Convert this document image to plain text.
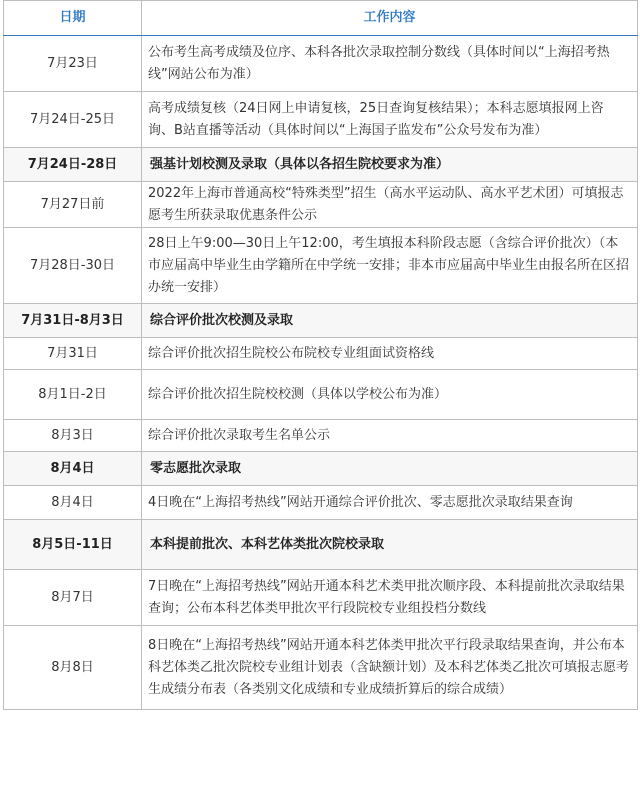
日期	工作内容
7月23日	公布考生高考成绩及位序、本科各批次录取控制分数线（具体时间以“上海招考热线”网站公布为准）
7月24日-25日	高考成绩复核（24日网上申请复核，25日查询复核结果）；本科志愿填报网上咨询、B站直播等活动（具体时间以“上海国子监发布”公众号发布为准）
7月24日-28日	强基计划校测及录取（具体以各招生院校要求为准）
7月27日前	2022年上海市普通高校“特殊类型”招生（高水平运动队、高水平艺术团）可填报志愿考生所获录取优惠条件公示
7月28日-30日	28日上午9:00—30日上午12:00，考生填报本科阶段志愿（含综合评价批次）（本市应届高中毕业生由学籍所在中学统一安排；非本市应届高中毕业生由报名所在区招办统一安排）
7月31日-8月3日	综合评价批次校测及录取
7月31日	综合评价批次招生院校公布院校专业组面试资格线
8月1日-2日	综合评价批次招生院校校测（具体以学校公布为准）
8月3日	综合评价批次录取考生名单公示
8月4日	零志愿批次录取
8月4日	4日晚在“上海招考热线”网站开通综合评价批次、零志愿批次录取结果查询
8月5日-11日	本科提前批次、本科艺体类批次院校录取
8月7日	7日晚在“上海招考热线”网站开通本科艺术类甲批次顺序段、本科提前批次录取结果查询；公布本科艺体类甲批次平行段院校专业组投档分数线
8月8日	8日晚在“上海招考热线”网站开通本科艺体类甲批次平行段录取结果查询，并公布本科艺体类乙批次院校专业组计划表（含缺额计划）及本科艺体类乙批次可填报志愿考生成绩分布表（各类别文化成绩和专业成绩折算后的综合成绩）
